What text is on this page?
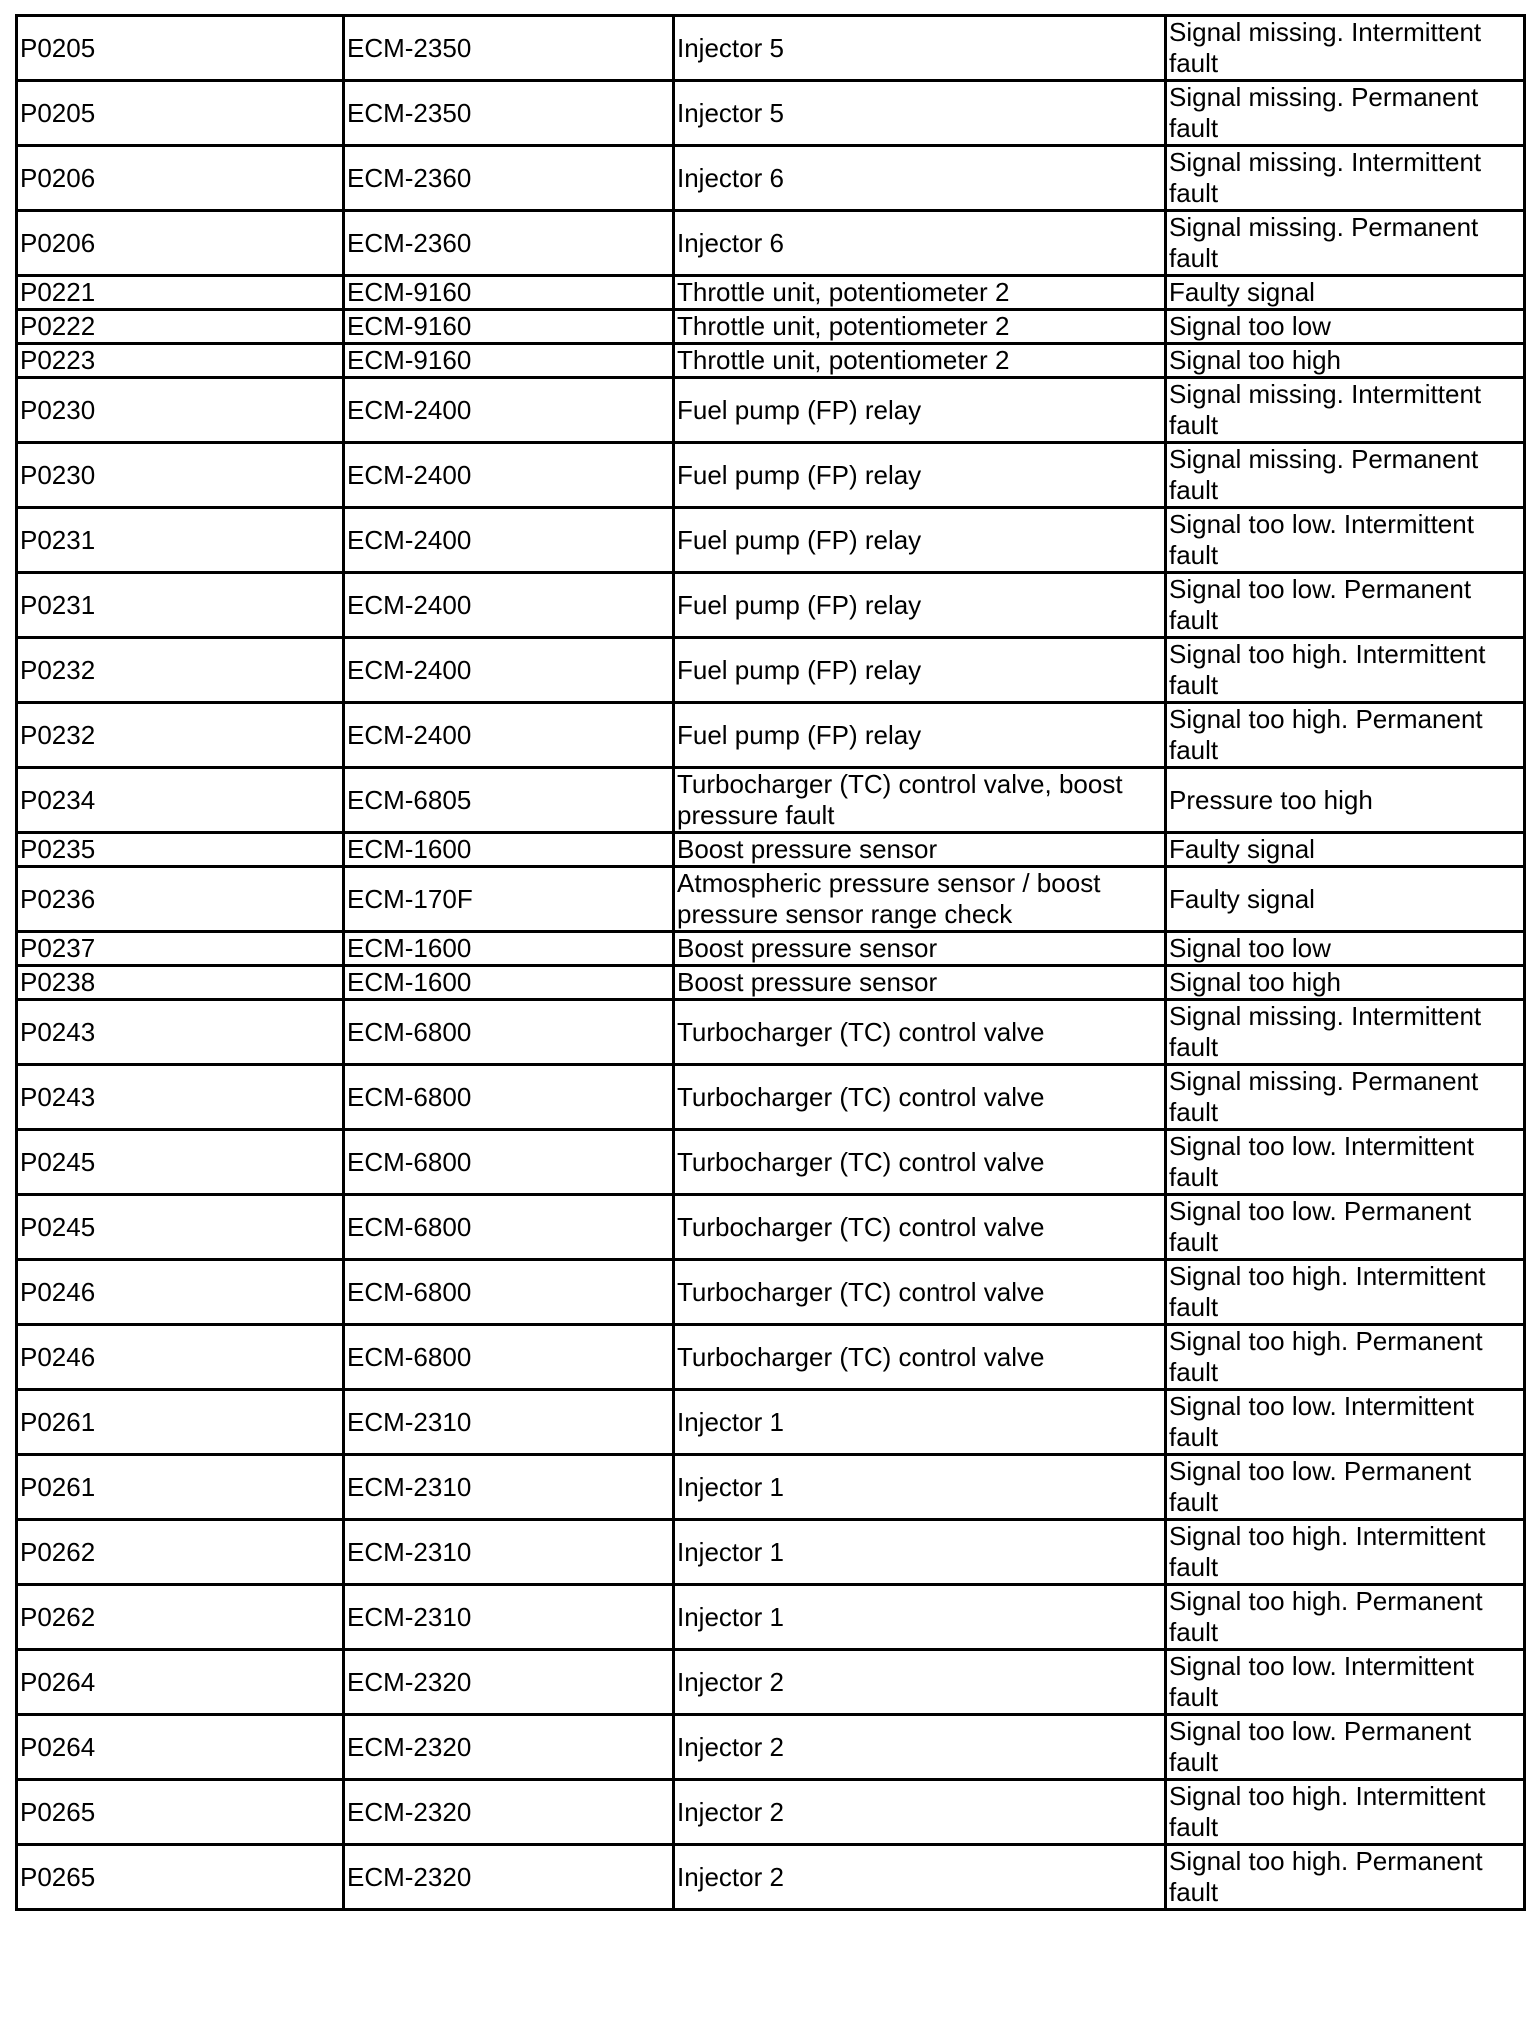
P0205	ECM-2350	Injector 5	Signal missing. Intermittent fault
P0205	ECM-2350	Injector 5	Signal missing. Permanent fault
P0206	ECM-2360	Injector 6	Signal missing. Intermittent fault
P0206	ECM-2360	Injector 6	Signal missing. Permanent fault
P0221	ECM-9160	Throttle unit, potentiometer 2	Faulty signal
P0222	ECM-9160	Throttle unit, potentiometer 2	Signal too low
P0223	ECM-9160	Throttle unit, potentiometer 2	Signal too high
P0230	ECM-2400	Fuel pump (FP) relay	Signal missing. Intermittent fault
P0230	ECM-2400	Fuel pump (FP) relay	Signal missing. Permanent fault
P0231	ECM-2400	Fuel pump (FP) relay	Signal too low. Intermittent fault
P0231	ECM-2400	Fuel pump (FP) relay	Signal too low. Permanent fault
P0232	ECM-2400	Fuel pump (FP) relay	Signal too high. Intermittent fault
P0232	ECM-2400	Fuel pump (FP) relay	Signal too high. Permanent fault
P0234	ECM-6805	Turbocharger (TC) control valve, boost pressure fault	Pressure too high
P0235	ECM-1600	Boost pressure sensor	Faulty signal
P0236	ECM-170F	Atmospheric pressure sensor / boost pressure sensor range check	Faulty signal
P0237	ECM-1600	Boost pressure sensor	Signal too low
P0238	ECM-1600	Boost pressure sensor	Signal too high
P0243	ECM-6800	Turbocharger (TC) control valve	Signal missing. Intermittent fault
P0243	ECM-6800	Turbocharger (TC) control valve	Signal missing. Permanent fault
P0245	ECM-6800	Turbocharger (TC) control valve	Signal too low. Intermittent fault
P0245	ECM-6800	Turbocharger (TC) control valve	Signal too low. Permanent fault
P0246	ECM-6800	Turbocharger (TC) control valve	Signal too high. Intermittent fault
P0246	ECM-6800	Turbocharger (TC) control valve	Signal too high. Permanent fault
P0261	ECM-2310	Injector 1	Signal too low. Intermittent fault
P0261	ECM-2310	Injector 1	Signal too low. Permanent fault
P0262	ECM-2310	Injector 1	Signal too high. Intermittent fault
P0262	ECM-2310	Injector 1	Signal too high. Permanent fault
P0264	ECM-2320	Injector 2	Signal too low. Intermittent fault
P0264	ECM-2320	Injector 2	Signal too low. Permanent fault
P0265	ECM-2320	Injector 2	Signal too high. Intermittent fault
P0265	ECM-2320	Injector 2	Signal too high. Permanent fault
